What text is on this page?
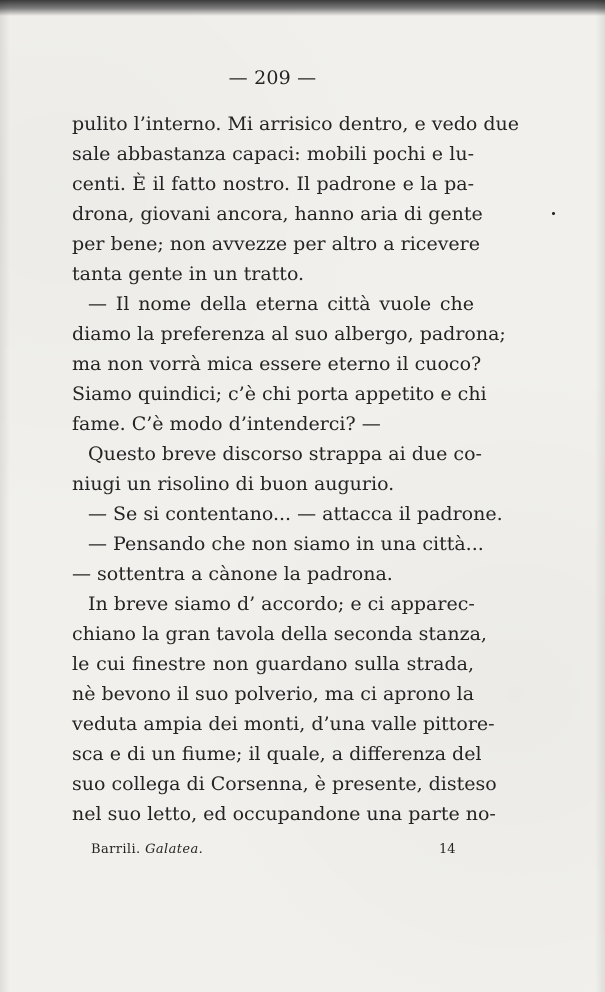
— 209 —
pulito l’interno. Mi arrisico dentro, e vedo due
sale abbastanza capaci: mobili pochi e lu-
centi. È il fatto nostro. Il padrone e la pa-
drona, giovani ancora, hanno aria di gente
per bene; non avvezze per altro a ricevere
tanta gente in un tratto.
— Il nome della eterna città vuole che
diamo la preferenza al suo albergo, padrona;
ma non vorrà mica essere eterno il cuoco?
Siamo quindici; c’è chi porta appetito e chi
fame. C’è modo d’intenderci? —
Questo breve discorso strappa ai due co-
niugi un risolino di buon augurio.
— Se si contentano... — attacca il padrone.
— Pensando che non siamo in una città...
— sottentra a cànone la padrona.
In breve siamo d’ accordo; e ci apparec-
chiano la gran tavola della seconda stanza,
le cui finestre non guardano sulla strada,
nè bevono il suo polverio, ma ci aprono la
veduta ampia dei monti, d’una valle pittore-
sca e di un fiume; il quale, a differenza del
suo collega di Corsenna, è presente, disteso
nel suo letto, ed occupandone una parte no-
Barrili. Galatea.	14
